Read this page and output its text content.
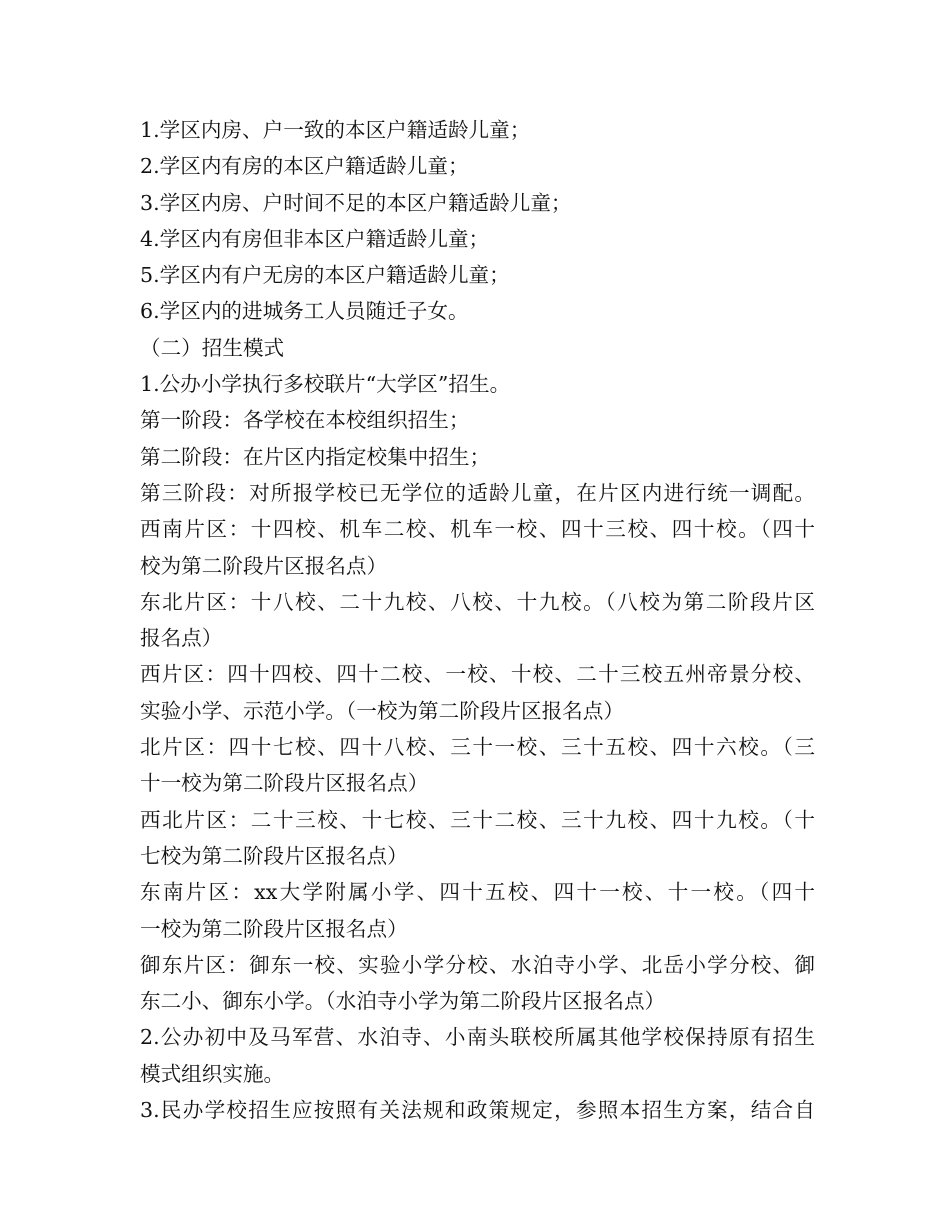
1.学区内房、户一致的本区户籍适龄儿童；

2.学区内有房的本区户籍适龄儿童；

3.学区内房、户时间不足的本区户籍适龄儿童；

4.学区内有房但非本区户籍适龄儿童；

5.学区内有户无房的本区户籍适龄儿童；

6.学区内的进城务工人员随迁子女。

（二）招生模式

1.公办小学执行多校联片“大学区”招生。

第一阶段：各学校在本校组织招生；

第二阶段：在片区内指定校集中招生；

第三阶段：对所报学校已无学位的适龄儿童，在片区内进行统一调配。

西南片区：十四校、机车二校、机车一校、四十三校、四十校。（四十

校为第二阶段片区报名点）

东北片区：十八校、二十九校、八校、十九校。（八校为第二阶段片区

报名点）

西片区：四十四校、四十二校、一校、十校、二十三校五州帝景分校、

实验小学、示范小学。（一校为第二阶段片区报名点）

北片区：四十七校、四十八校、三十一校、三十五校、四十六校。（三

十一校为第二阶段片区报名点）

西北片区：二十三校、十七校、三十二校、三十九校、四十九校。（十

七校为第二阶段片区报名点）

东南片区：xx大学附属小学、四十五校、四十一校、十一校。（四十

一校为第二阶段片区报名点）

御东片区：御东一校、实验小学分校、水泊寺小学、北岳小学分校、御

东二小、御东小学。（水泊寺小学为第二阶段片区报名点）

2.公办初中及马军营、水泊寺、小南头联校所属其他学校保持原有招生

模式组织实施。

3.民办学校招生应按照有关法规和政策规定，参照本招生方案，结合自
